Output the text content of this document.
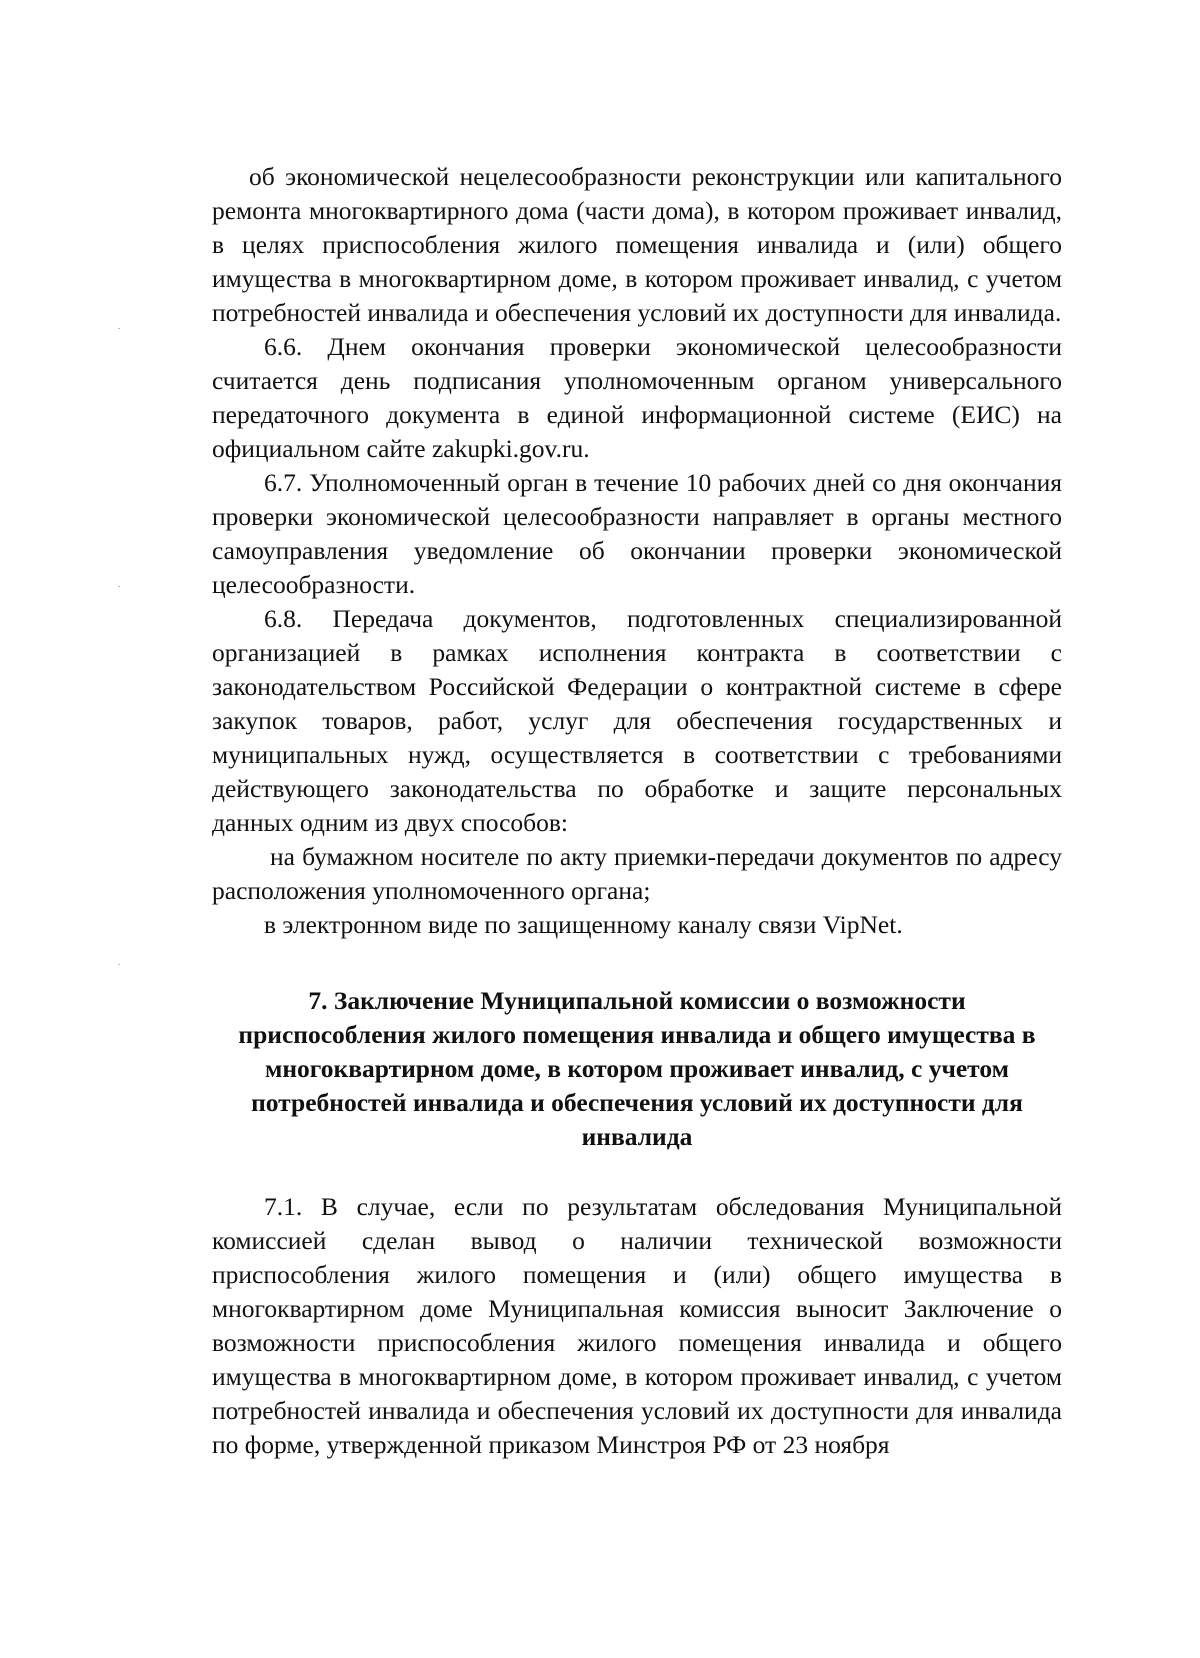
об экономической нецелесообразности реконструкции или капитального ремонта многоквартирного дома (части дома), в котором проживает инвалид, в целях приспособления жилого помещения инвалида и (или) общего имущества в многоквартирном доме, в котором проживает инвалид, с учетом потребностей инвалида и обеспечения условий их доступности для инвалида.

6.6. Днем окончания проверки экономической целесообразности считается день подписания уполномоченным органом универсального передаточного документа в единой информационной системе (ЕИС) на официальном сайте zakupki.gov.ru.

6.7. Уполномоченный орган в течение 10 рабочих дней со дня окончания проверки экономической целесообразности направляет в органы местного самоуправления уведомление об окончании проверки экономической целесообразности.

6.8. Передача документов, подготовленных специализированной организацией в рамках исполнения контракта в соответствии с законодательством Российской Федерации о контрактной системе в сфере закупок товаров, работ, услуг для обеспечения государственных и муниципальных нужд, осуществляется в соответствии с требованиями действующего законодательства по обработке и защите персональных данных одним из двух способов:

на бумажном носителе по акту приемки-передачи документов по адресу расположения уполномоченного органа;

в электронном виде по защищенному каналу связи VipNet.

7. Заключение Муниципальной комиссии о возможности
приспособления жилого помещения инвалида и общего имущества в
многоквартирном доме, в котором проживает инвалид, с учетом
потребностей инвалида и обеспечения условий их доступности для
инвалида

7.1. В случае, если по результатам обследования Муниципальной комиссией сделан вывод о наличии технической возможности приспособления жилого помещения и (или) общего имущества в многоквартирном доме Муниципальная комиссия выносит Заключение о возможности приспособления жилого помещения инвалида и общего имущества в многоквартирном доме, в котором проживает инвалид, с учетом потребностей инвалида и обеспечения условий их доступности для инвалида по форме, утвержденной приказом Минстроя РФ от 23 ноября
